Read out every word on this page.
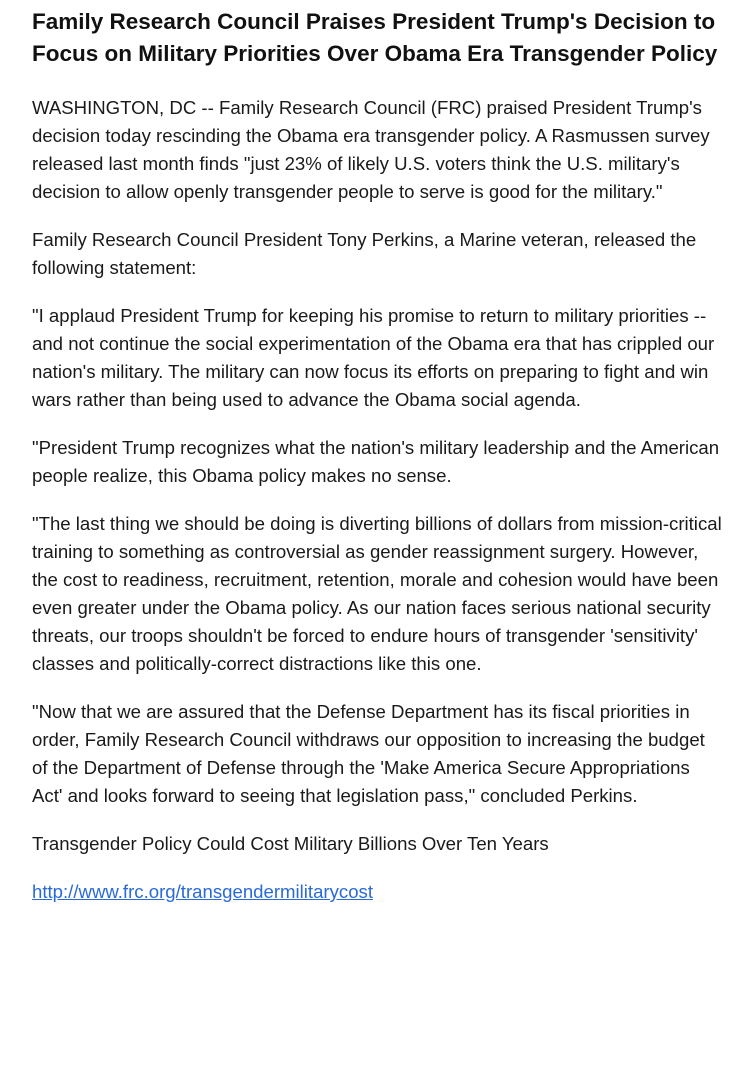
Family Research Council Praises President Trump's Decision to Focus on Military Priorities Over Obama Era Transgender Policy

WASHINGTON, DC -- Family Research Council (FRC) praised President Trump's decision today rescinding the Obama era transgender policy. A Rasmussen survey released last month finds "just 23% of likely U.S. voters think the U.S. military's decision to allow openly transgender people to serve is good for the military."

Family Research Council President Tony Perkins, a Marine veteran, released the following statement:

"I applaud President Trump for keeping his promise to return to military priorities -- and not continue the social experimentation of the Obama era that has crippled our nation's military. The military can now focus its efforts on preparing to fight and win wars rather than being used to advance the Obama social agenda.

"President Trump recognizes what the nation's military leadership and the American people realize, this Obama policy makes no sense.

"The last thing we should be doing is diverting billions of dollars from mission-critical training to something as controversial as gender reassignment surgery. However, the cost to readiness, recruitment, retention, morale and cohesion would have been even greater under the Obama policy. As our nation faces serious national security threats, our troops shouldn't be forced to endure hours of transgender 'sensitivity' classes and politically-correct distractions like this one.

"Now that we are assured that the Defense Department has its fiscal priorities in order, Family Research Council withdraws our opposition to increasing the budget of the Department of Defense through the 'Make America Secure Appropriations Act' and looks forward to seeing that legislation pass," concluded Perkins.

Transgender Policy Could Cost Military Billions Over Ten Years

http://www.frc.org/transgendermilitarycost
